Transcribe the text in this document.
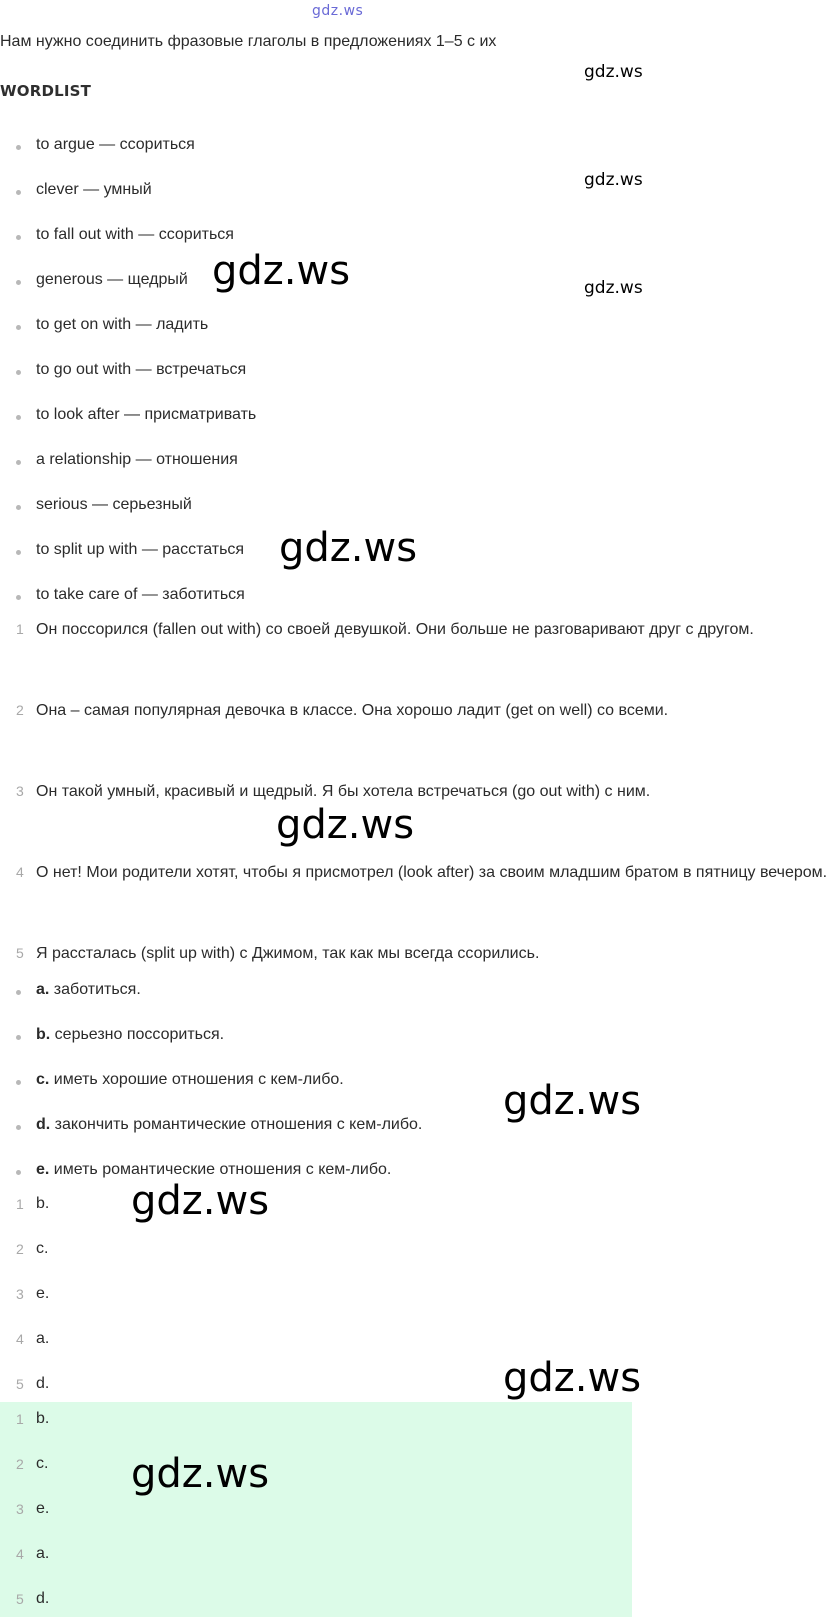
gdz.ws
Нам нужно соединить фразовые глаголы в предложениях 1–5 с их
WORDLIST
to argue — ссориться
clever — умный
to fall out with — ссориться
generous — щедрый
to get on with — ладить
to go out with — встречаться
to look after — присматривать
a relationship — отношения
serious — серьезный
to split up with — расстаться
to take care of — заботиться
1 Он поссорился (fallen out with) со своей девушкой. Они больше не разговаривают друг с другом.
2 Она – самая популярная девочка в классе. Она хорошо ладит (get on well) со всеми.
3 Он такой умный, красивый и щедрый. Я бы хотела встречаться (go out with) с ним.
4 О нет! Мои родители хотят, чтобы я присмотрел (look after) за своим младшим братом в пятницу вечером.
5 Я рассталась (split up with) с Джимом, так как мы всегда ссорились.
a. заботиться.
b. серьезно поссориться.
c. иметь хорошие отношения с кем-либо.
d. закончить романтические отношения с кем-либо.
e. иметь романтические отношения с кем-либо.
1 b.
2 c.
3 e.
4 a.
5 d.
1 b.
2 c.
3 e.
4 a.
5 d.
gdz.ws
gdz.ws
gdz.ws
gdz.ws
gdz.ws
gdz.ws
gdz.ws
gdz.ws
gdz.ws
gdz.ws
